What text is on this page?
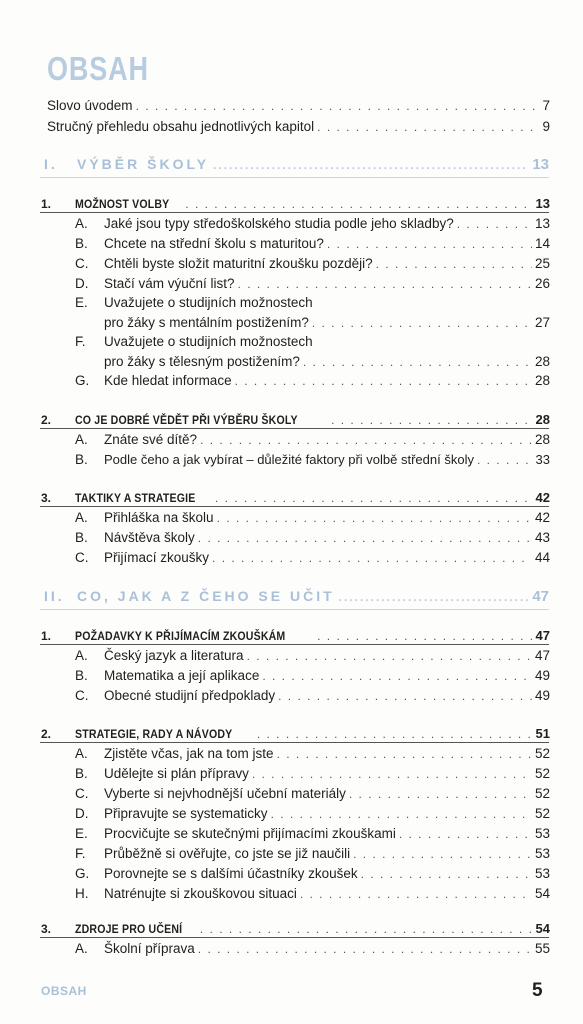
OBSAH
Slovo úvodem . . .	7
Stručný přehledu obsahu jednotlivých kapitol . . .	9
I. VÝBĚR ŠKOLY .....	13
1. MOŽNOST VOLBY . . .	13
A. Jaké jsou typy středoškolského studia podle jeho skladby? . . .	13
B. Chcete na střední školu s maturitou? . . .	14
C. Chtěli byste složit maturitní zkoušku později? . . .	25
D. Stačí vám výuční list? . . .	26
E. Uvažujete o studijních možnostech
pro žáky s mentálním postižením? . . .	27
F. Uvažujete o studijních možnostech
pro žáky s tělesným postižením? . . .	28
G. Kde hledat informace . . .	28
2. CO JE DOBRÉ VĚDĚT PŘI VÝBĚRU ŠKOLY . . .	28
A. Znáte své dítě? . . .	28
B. Podle čeho a jak vybírat – důležité faktory při volbě střední školy . . .	33
3. TAKTIKY A STRATEGIE . . .	42
A. Přihláška na školu . . .	42
B. Návštěva školy . . .	43
C. Přijímací zkoušky . . .	44
II. CO, JAK A Z ČEHO SE UČIT .....	47
1. POŽADAVKY K PŘIJÍMACÍM ZKOUŠKÁM . . .	47
A. Český jazyk a literatura . . .	47
B. Matematika a její aplikace . . .	49
C. Obecné studijní předpoklady . . .	49
2. STRATEGIE, RADY A NÁVODY . . .	51
A. Zjistěte včas, jak na tom jste . . .	52
B. Udělejte si plán přípravy . . .	52
C. Vyberte si nejvhodnější učební materiály . . .	52
D. Připravujte se systematicky . . .	52
E. Procvičujte se skutečnými přijímacími zkouškami . . .	53
F. Průběžně si ověřujte, co jste se již naučili . . .	53
G. Porovnejte se s dalšími účastníky zkoušek . . .	53
H. Natrénujte si zkouškovou situaci . . .	54
3. ZDROJE PRO UČENÍ . . .	54
A. Školní příprava . . .	55
OBSAH	5
